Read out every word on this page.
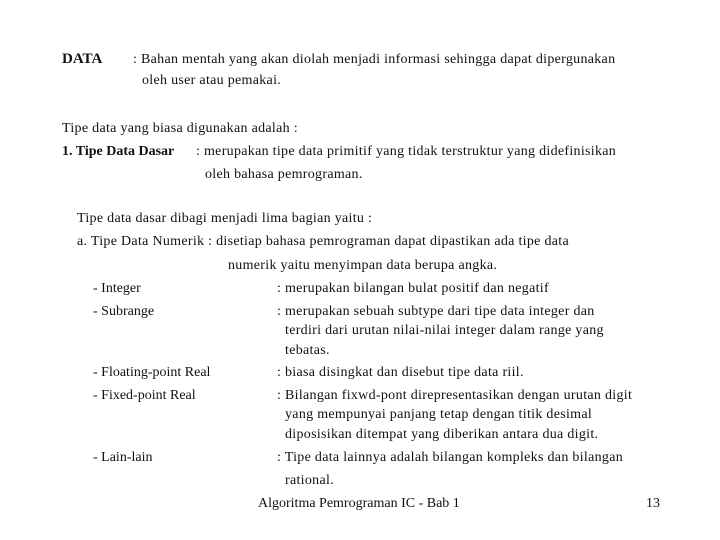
DATA : Bahan mentah yang akan diolah menjadi informasi sehingga dapat dipergunakan
oleh user atau pemakai.
Tipe data yang biasa digunakan adalah :
1. Tipe Data Dasar : merupakan tipe data primitif yang tidak terstruktur yang didefinisikan
oleh bahasa pemrograman.
Tipe data dasar dibagi menjadi lima bagian yaitu :
a. Tipe Data Numerik : disetiap bahasa pemrograman dapat dipastikan ada tipe data
numerik yaitu menyimpan data berupa angka.
- Integer	: merupakan bilangan bulat positif dan negatif
- Subrange	: merupakan sebuah subtype dari tipe data integer dan
terdiri dari urutan nilai-nilai integer dalam range yang
tebatas.
- Floating-point Real	: biasa disingkat dan disebut tipe data riil.
- Fixed-point Real	: Bilangan fixwd-pont direpresentasikan dengan urutan digit
yang mempunyai panjang tetap dengan titik desimal
diposisikan ditempat yang diberikan antara dua digit.
- Lain-lain	: Tipe data lainnya adalah bilangan kompleks dan bilangan
rational.
Algoritma Pemrograman IC - Bab 1	13
